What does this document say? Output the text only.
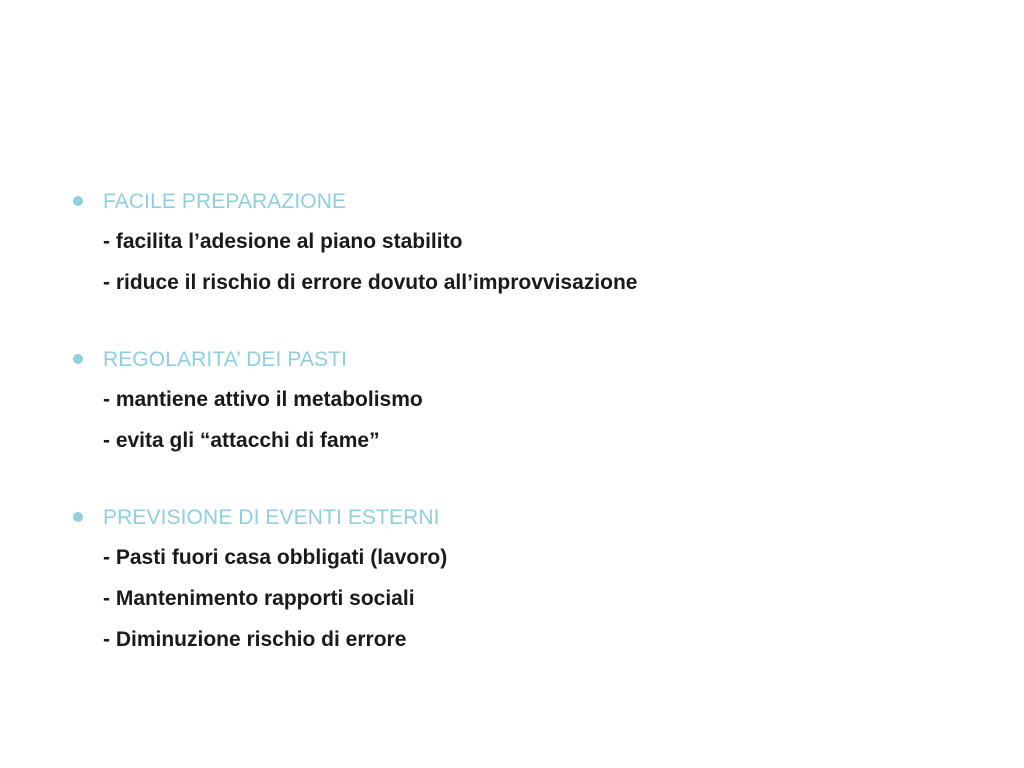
FACILE PREPARAZIONE
- facilita l’adesione al piano stabilito
- riduce il rischio di errore dovuto all’improvvisazione
REGOLARITA’ DEI PASTI
- mantiene attivo il metabolismo
- evita gli “attacchi di fame”
PREVISIONE DI EVENTI ESTERNI
- Pasti fuori casa obbligati (lavoro)
- Mantenimento rapporti sociali
- Diminuzione rischio di errore
